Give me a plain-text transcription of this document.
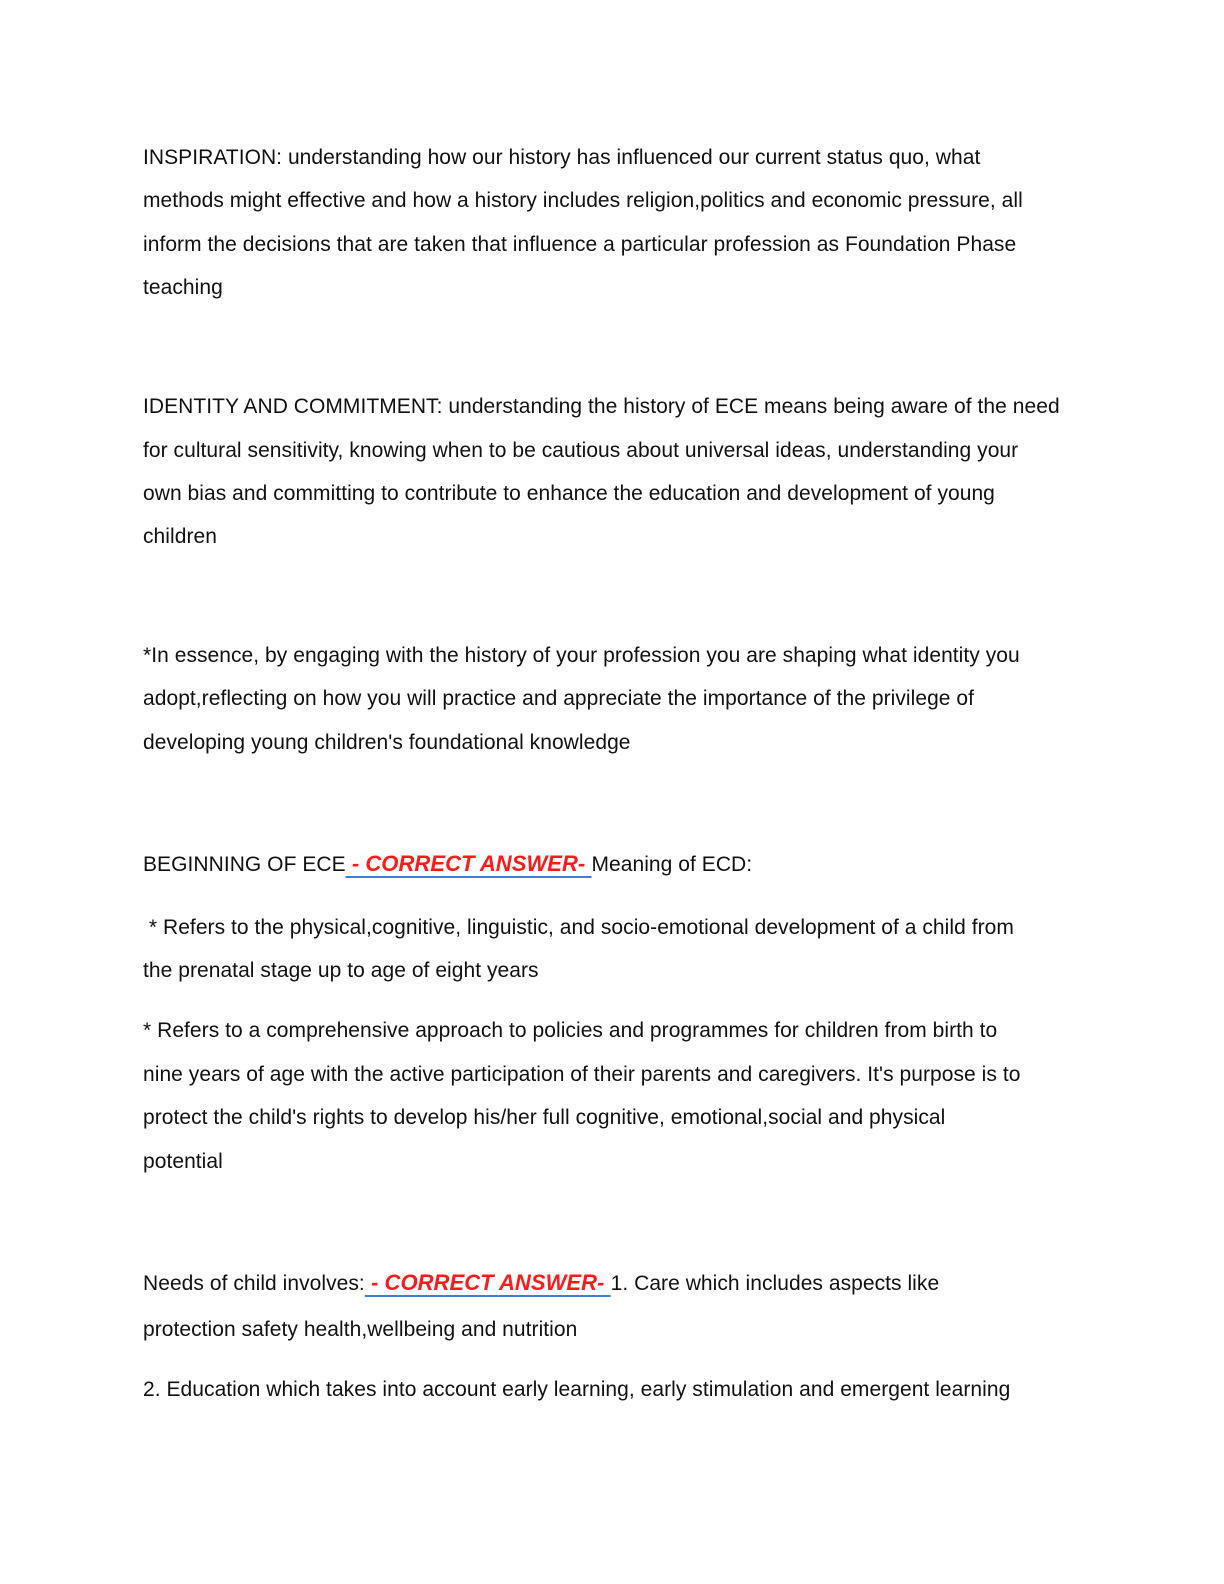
INSPIRATION: understanding how our history has influenced our current status quo, what
methods might effective and how a history includes religion,politics and economic pressure, all
inform the decisions that are taken that influence a particular profession as Foundation Phase
teaching
IDENTITY AND COMMITMENT: understanding the history of ECE means being aware of the need
for cultural sensitivity, knowing when to be cautious about universal ideas, understanding your
own bias and committing to contribute to enhance the education and development of young
children
*In essence, by engaging with the history of your profession you are shaping what identity you
adopt,reflecting on how you will practice and appreciate the importance of the privilege of
developing young children's foundational knowledge
BEGINNING OF ECE - CORRECT ANSWER- Meaning of ECD:
* Refers to the physical,cognitive, linguistic, and socio-emotional development of a child from
the prenatal stage up to age of eight years
* Refers to a comprehensive approach to policies and programmes for children from birth to
nine years of age with the active participation of their parents and caregivers. It's purpose is to
protect the child's rights to develop his/her full cognitive, emotional,social and physical
potential
Needs of child involves: - CORRECT ANSWER- 1. Care which includes aspects like
protection safety health,wellbeing and nutrition
2. Education which takes into account early learning, early stimulation and emergent learning
